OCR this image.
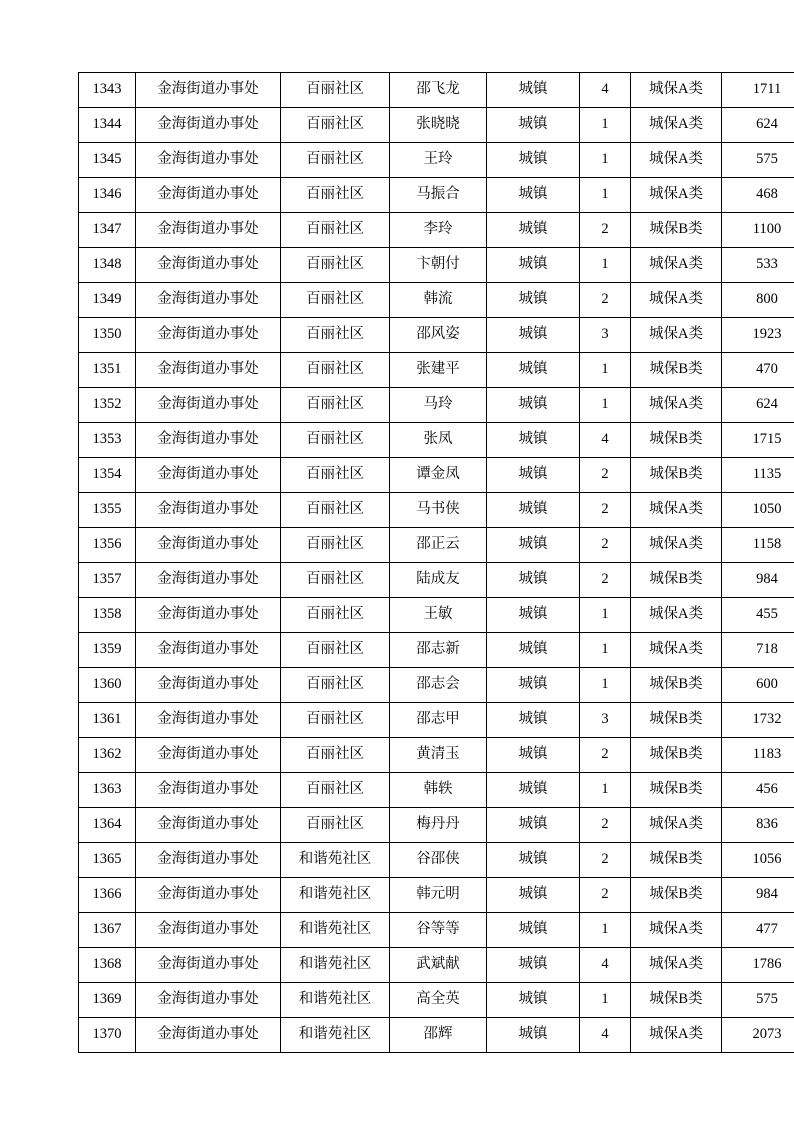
1343	金海街道办事处	百丽社区	邵飞龙	城镇	4	城保A类	1711
1344	金海街道办事处	百丽社区	张晓晓	城镇	1	城保A类	624
1345	金海街道办事处	百丽社区	王玲	城镇	1	城保A类	575
1346	金海街道办事处	百丽社区	马振合	城镇	1	城保A类	468
1347	金海街道办事处	百丽社区	李玲	城镇	2	城保B类	1100
1348	金海街道办事处	百丽社区	卞朝付	城镇	1	城保A类	533
1349	金海街道办事处	百丽社区	韩流	城镇	2	城保A类	800
1350	金海街道办事处	百丽社区	邵风姿	城镇	3	城保A类	1923
1351	金海街道办事处	百丽社区	张建平	城镇	1	城保B类	470
1352	金海街道办事处	百丽社区	马玲	城镇	1	城保A类	624
1353	金海街道办事处	百丽社区	张凤	城镇	4	城保B类	1715
1354	金海街道办事处	百丽社区	谭金凤	城镇	2	城保B类	1135
1355	金海街道办事处	百丽社区	马书侠	城镇	2	城保A类	1050
1356	金海街道办事处	百丽社区	邵正云	城镇	2	城保A类	1158
1357	金海街道办事处	百丽社区	陆成友	城镇	2	城保B类	984
1358	金海街道办事处	百丽社区	王敏	城镇	1	城保A类	455
1359	金海街道办事处	百丽社区	邵志新	城镇	1	城保A类	718
1360	金海街道办事处	百丽社区	邵志会	城镇	1	城保B类	600
1361	金海街道办事处	百丽社区	邵志甲	城镇	3	城保B类	1732
1362	金海街道办事处	百丽社区	黄清玉	城镇	2	城保B类	1183
1363	金海街道办事处	百丽社区	韩轶	城镇	1	城保B类	456
1364	金海街道办事处	百丽社区	梅丹丹	城镇	2	城保A类	836
1365	金海街道办事处	和谐苑社区	谷邵侠	城镇	2	城保B类	1056
1366	金海街道办事处	和谐苑社区	韩元明	城镇	2	城保B类	984
1367	金海街道办事处	和谐苑社区	谷等等	城镇	1	城保A类	477
1368	金海街道办事处	和谐苑社区	武斌献	城镇	4	城保A类	1786
1369	金海街道办事处	和谐苑社区	高全英	城镇	1	城保B类	575
1370	金海街道办事处	和谐苑社区	邵辉	城镇	4	城保A类	2073
